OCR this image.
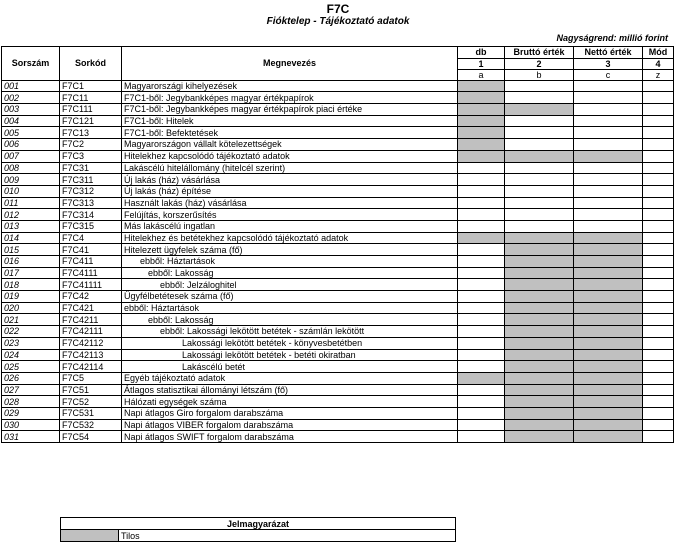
F7C
Fióktelep - Tájékoztató adatok
Nagyságrend: millió forint
Sorszám	Sorkód	Megnevezés	db	Bruttó érték	Nettó érték	Mód
			1	2	3	4
			a	b	c	z
001	F7C1	Magyarországi kihelyezések				
002	F7C11	F7C1-ből: Jegybankképes magyar értékpapírok				
003	F7C111	F7C1-ből: Jegybankképes magyar értékpapírok piaci értéke				
004	F7C121	F7C1-ből: Hitelek				
005	F7C13	F7C1-ből: Befektetések				
006	F7C2	Magyarországon vállalt kötelezettségek				
007	F7C3	Hitelekhez kapcsolódó tájékoztató adatok				
008	F7C31	Lakáscélú hitelállomány (hitelcél szerint)				
009	F7C311	Új lakás (ház) vásárlása				
010	F7C312	Új lakás (ház) építése				
011	F7C313	Használt lakás (ház) vásárlása				
012	F7C314	Felújítás, korszerűsítés				
013	F7C315	Más lakáscélú ingatlan				
014	F7C4	Hitelekhez és betétekhez kapcsolódó tájékoztató adatok				
015	F7C41	Hitelezett ügyfelek száma (fő)				
016	F7C411	ebből: Háztartások				
017	F7C4111	ebből: Lakosság				
018	F7C41111	ebből: Jelzáloghitel				
019	F7C42	Ügyfélbetétesek száma (fő)				
020	F7C421	ebből: Háztartások				
021	F7C4211	ebből: Lakosság				
022	F7C42111	ebből: Lakossági lekötött betétek - számlán lekötött				
023	F7C42112	Lakossági lekötött betétek - könyvesbetétben				
024	F7C42113	Lakossági lekötött betétek - betéti okiratban				
025	F7C42114	Lakáscélú betét				
026	F7C5	Egyéb tájékoztató adatok				
027	F7C51	Átlagos statisztikai állományi létszám (fő)				
028	F7C52	Hálózati egységek száma				
029	F7C531	Napi átlagos Giro forgalom darabszáma				
030	F7C532	Napi átlagos VIBER forgalom darabszáma				
031	F7C54	Napi átlagos SWIFT forgalom darabszáma				
Jelmagyarázat
	Tilos
